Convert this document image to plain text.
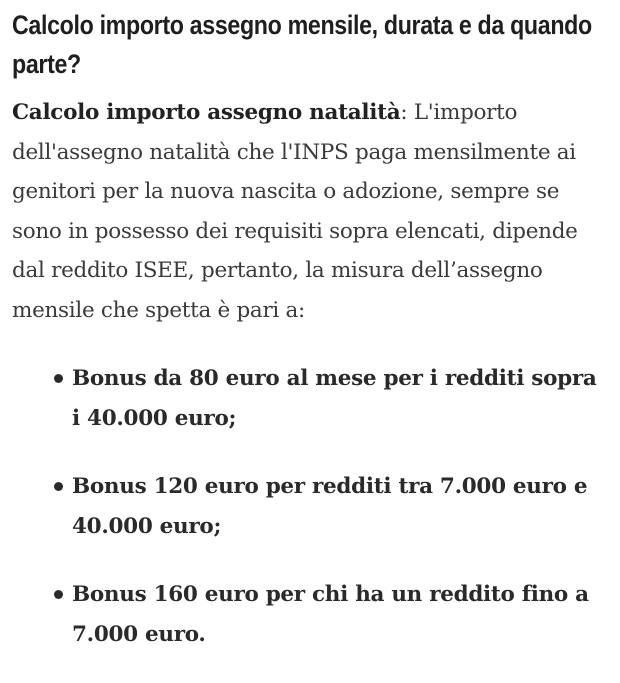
Calcolo importo assegno mensile, durata e da quando parte?

Calcolo importo assegno natalità: L'importo dell'assegno natalità che l'INPS paga mensilmente ai genitori per la nuova nascita o adozione, sempre se sono in possesso dei requisiti sopra elencati, dipende dal reddito ISEE, pertanto, la misura dell’assegno mensile che spetta è pari a:

Bonus da 80 euro al mese per i redditi sopra i 40.000 euro;
Bonus 120 euro per redditi tra 7.000 euro e 40.000 euro;
Bonus 160 euro per chi ha un reddito fino a 7.000 euro.
